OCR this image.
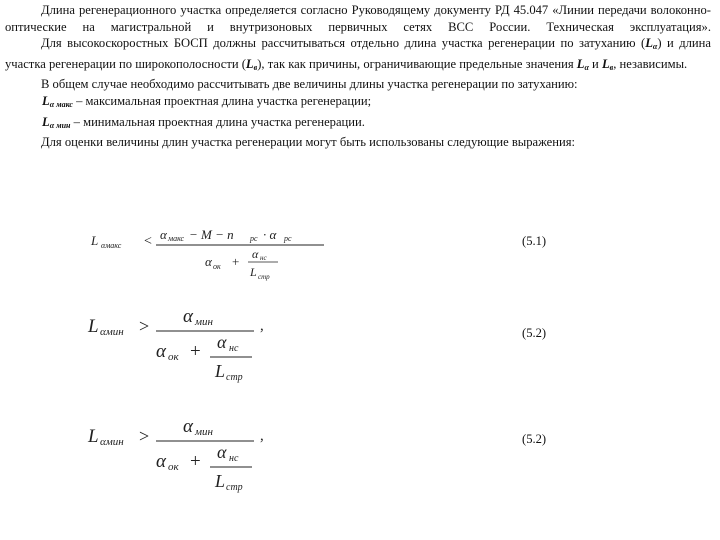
Длина регенерационного участка определяется согласно Руководящему документу РД 45.047 «Линии передачи волоконно-оптические на магистральной и внутризоновых первичных сетях ВСС России. Техническая эксплуатация».

Для высокоскоростных БОСП должны рассчитываться отдельно длина участка регенерации по затуханию $(L_\alpha)$ и длина участка регенерации по широкополосности $(L_в)$, так как причины, ограничивающие предельные значения $L_\alpha$ и $L_в$, независимы.

В общем случае необходимо рассчитывать две величины длины участка регенерации по затуханию:

$L_{\alpha макс}$ – максимальная проектная длина участка регенерации;

$L_{\alpha мин}$ – минимальная проектная длина участка регенерации.

Для оценки величины длин участка регенерации могут быть использованы следующие выражения:

L αмакс < α макс − M − n рс · α рс
α ок + α нс
L стр
(5.1)
L αмин > α мин
α ок + α нс
L стр
,	(5.2)
L αмин > α мин
α ок + α нс
L стр
,	(5.2)
